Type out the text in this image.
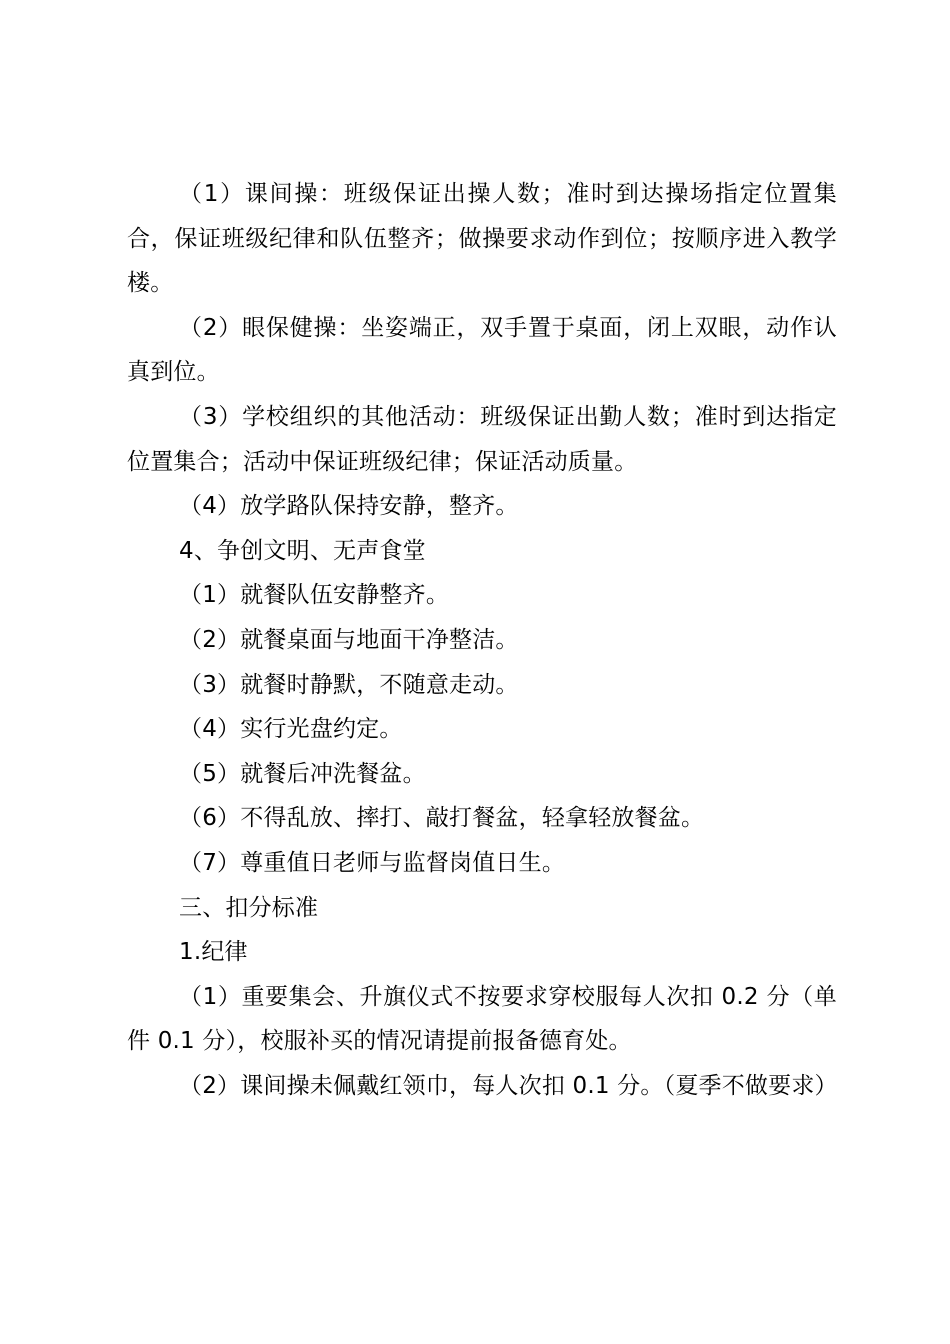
（1）课间操：班级保证出操人数；准时到达操场指定位置集合，保证班级纪律和队伍整齐；做操要求动作到位；按顺序进入教学楼。

（2）眼保健操：坐姿端正，双手置于桌面，闭上双眼，动作认真到位。

（3）学校组织的其他活动：班级保证出勤人数；准时到达指定位置集合；活动中保证班级纪律；保证活动质量。

（4）放学路队保持安静，整齐。

4、争创文明、无声食堂

（1）就餐队伍安静整齐。

（2）就餐桌面与地面干净整洁。

（3）就餐时静默，不随意走动。

（4）实行光盘约定。

（5）就餐后冲洗餐盆。

（6）不得乱放、摔打、敲打餐盆，轻拿轻放餐盆。

（7）尊重值日老师与监督岗值日生。

三、扣分标准

1.纪律

（1）重要集会、升旗仪式不按要求穿校服每人次扣 0.2 分（单件 0.1 分），校服补买的情况请提前报备德育处。

（2）课间操未佩戴红领巾，每人次扣 0.1 分。（夏季不做要求）
